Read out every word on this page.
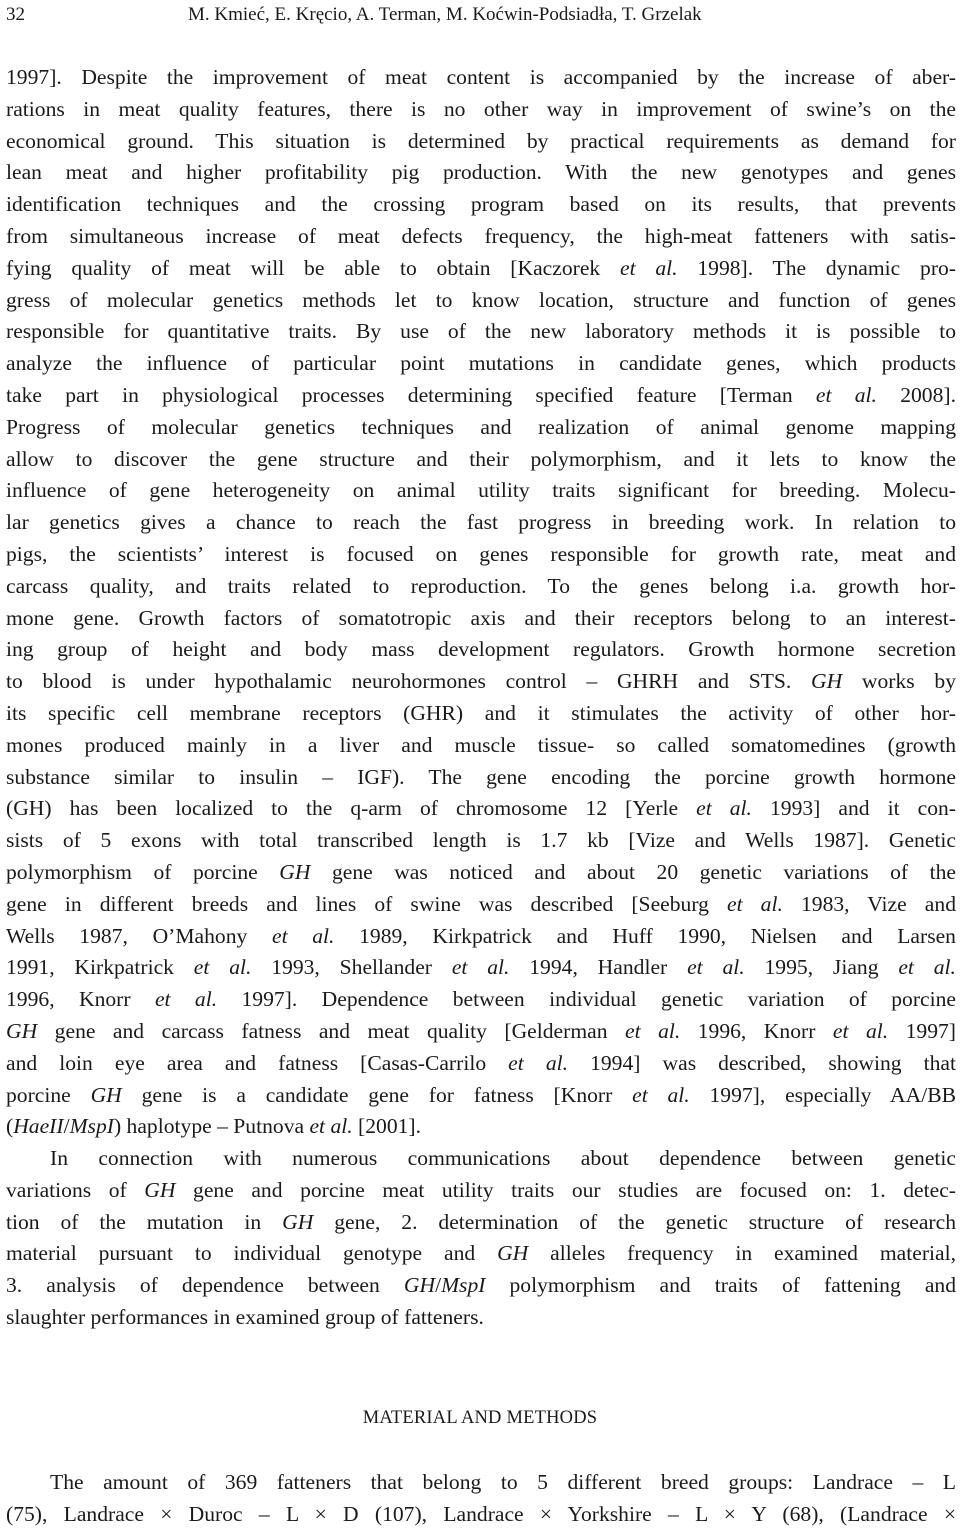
32	M. Kmieć, E. Kręcio, A. Terman, M. Koćwin-Podsiadła, T. Grzelak
1997]. Despite the improvement of meat content is accompanied by the increase of aber-
rations in meat quality features, there is no other way in improvement of swine’s on the
economical ground. This situation is determined by practical requirements as demand for
lean meat and higher profitability pig production. With the new genotypes and genes
identification techniques and the crossing program based on its results, that prevents
from simultaneous increase of meat defects frequency, the high-meat fatteners with satis-
fying quality of meat will be able to obtain [Kaczorek et al. 1998]. The dynamic pro-
gress of molecular genetics methods let to know location, structure and function of genes
responsible for quantitative traits. By use of the new laboratory methods it is possible to
analyze the influence of particular point mutations in candidate genes, which products
take part in physiological processes determining specified feature [Terman et al. 2008].
Progress of molecular genetics techniques and realization of animal genome mapping
allow to discover the gene structure and their polymorphism, and it lets to know the
influence of gene heterogeneity on animal utility traits significant for breeding. Molecu-
lar genetics gives a chance to reach the fast progress in breeding work. In relation to
pigs, the scientists’ interest is focused on genes responsible for growth rate, meat and
carcass quality, and traits related to reproduction. To the genes belong i.a. growth hor-
mone gene. Growth factors of somatotropic axis and their receptors belong to an interest-
ing group of height and body mass development regulators. Growth hormone secretion
to blood is under hypothalamic neurohormones control – GHRH and STS. GH works by
its specific cell membrane receptors (GHR) and it stimulates the activity of other hor-
mones produced mainly in a liver and muscle tissue- so called somatomedines (growth
substance similar to insulin – IGF). The gene encoding the porcine growth hormone
(GH) has been localized to the q-arm of chromosome 12 [Yerle et al. 1993] and it con-
sists of 5 exons with total transcribed length is 1.7 kb [Vize and Wells 1987]. Genetic
polymorphism of porcine GH gene was noticed and about 20 genetic variations of the
gene in different breeds and lines of swine was described [Seeburg et al. 1983, Vize and
Wells 1987, O’Mahony et al. 1989, Kirkpatrick and Huff 1990, Nielsen and Larsen
1991, Kirkpatrick et al. 1993, Shellander et al. 1994, Handler et al. 1995, Jiang et al.
1996, Knorr et al. 1997]. Dependence between individual genetic variation of porcine
GH gene and carcass fatness and meat quality [Gelderman et al. 1996, Knorr et al. 1997]
and loin eye area and fatness [Casas-Carrilo et al. 1994] was described, showing that
porcine GH gene is a candidate gene for fatness [Knorr et al. 1997], especially AA/BB
(HaeII/MspI) haplotype – Putnova et al. [2001].
In connection with numerous communications about dependence between genetic
variations of GH gene and porcine meat utility traits our studies are focused on: 1. detec-
tion of the mutation in GH gene, 2. determination of the genetic structure of research
material pursuant to individual genotype and GH alleles frequency in examined material,
3. analysis of dependence between GH/MspI polymorphism and traits of fattening and
slaughter performances in examined group of fatteners.
MATERIAL AND METHODS
The amount of 369 fatteners that belong to 5 different breed groups: Landrace – L
(75), Landrace × Duroc – L × D (107), Landrace × Yorkshire – L × Y (68), (Landrace ×
